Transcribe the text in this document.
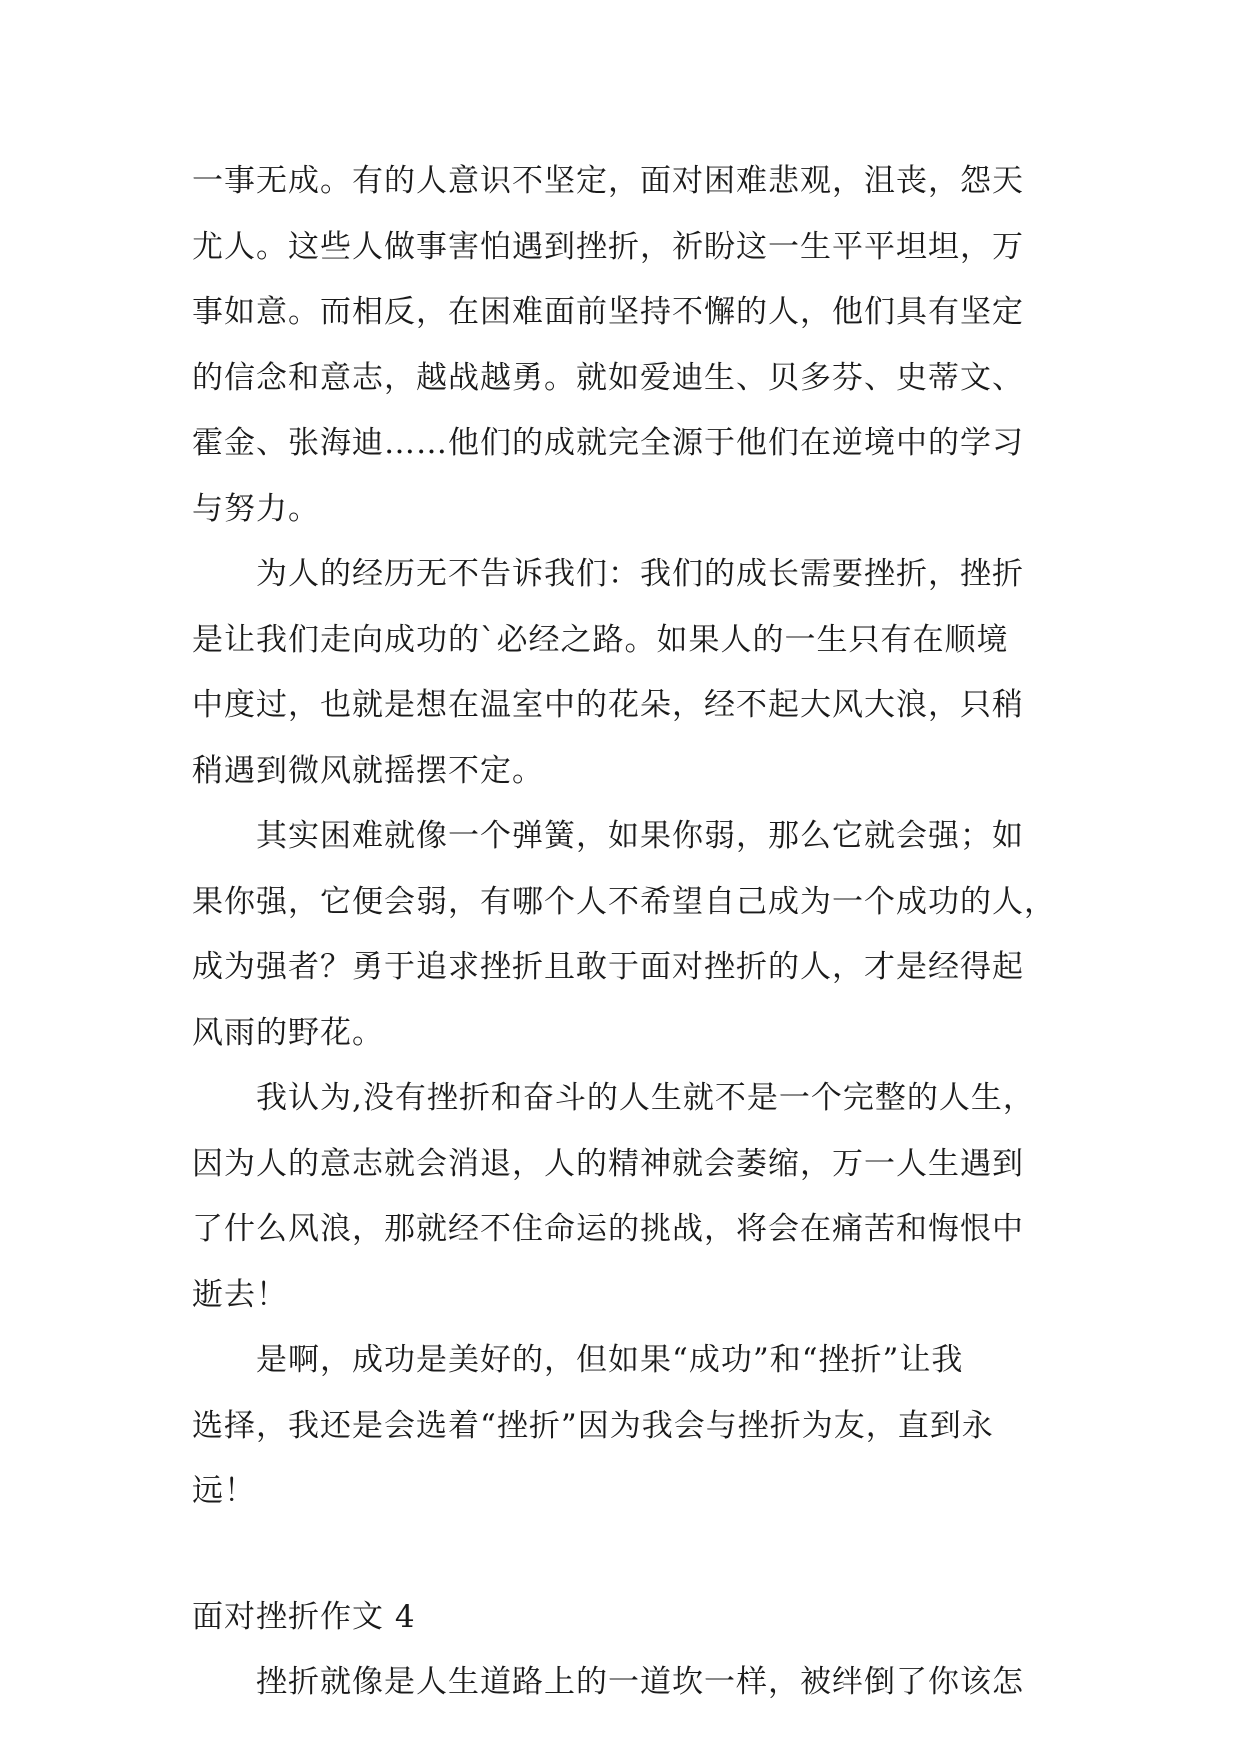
一事无成。有的人意识不坚定，面对困难悲观，沮丧，怨天
尤人。这些人做事害怕遇到挫折，祈盼这一生平平坦坦，万
事如意。而相反，在困难面前坚持不懈的人，他们具有坚定
的信念和意志，越战越勇。就如爱迪生、贝多芬、史蒂文、
霍金、张海迪……他们的成就完全源于他们在逆境中的学习
与努力。
为人的经历无不告诉我们：我们的成长需要挫折，挫折
是让我们走向成功的`必经之路。如果人的一生只有在顺境
中度过，也就是想在温室中的花朵，经不起大风大浪，只稍
稍遇到微风就摇摆不定。
其实困难就像一个弹簧，如果你弱，那么它就会强；如
果你强，它便会弱，有哪个人不希望自己成为一个成功的人，
成为强者？勇于追求挫折且敢于面对挫折的人，才是经得起
风雨的野花。
我认为,没有挫折和奋斗的人生就不是一个完整的人生，
因为人的意志就会消退，人的精神就会萎缩，万一人生遇到
了什么风浪，那就经不住命运的挑战，将会在痛苦和悔恨中
逝去！
是啊，成功是美好的，但如果“成功”和“挫折”让我
选择，我还是会选着“挫折”因为我会与挫折为友，直到永
远！
面对挫折作文 4
挫折就像是人生道路上的一道坎一样，被绊倒了你该怎
